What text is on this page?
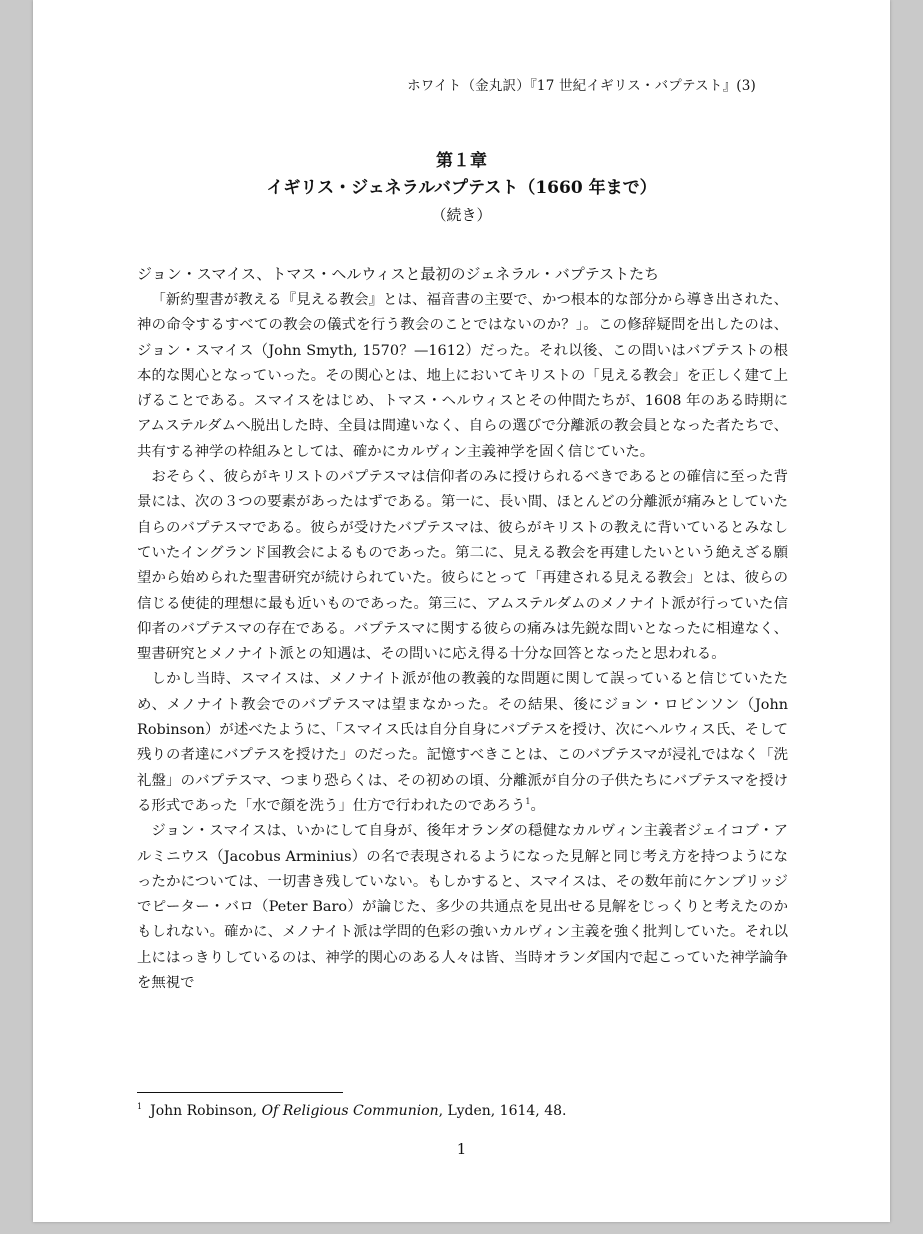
ホワイト（金丸訳）『17 世紀イギリス・バプテスト』(3)
第１章
イギリス・ジェネラルバプテスト（1660 年まで）
（続き）
ジョン・スマイス、トマス・ヘルウィスと最初のジェネラル・バプテストたち

「新約聖書が教える『見える教会』とは、福音書の主要で、かつ根本的な部分から導き出された、神の命令するすべての教会の儀式を行う教会のことではないのか？」。この修辞疑問を出したのは、ジョン・スマイス（John Smyth, 1570？—1612）だった。それ以後、この問いはバプテストの根本的な関心となっていった。その関心とは、地上においてキリストの「見える教会」を正しく建て上げることである。スマイスをはじめ、トマス・ヘルウィスとその仲間たちが、1608 年のある時期にアムステルダムへ脱出した時、全員は間違いなく、自らの選びで分離派の教会員となった者たちで、共有する神学の枠組みとしては、確かにカルヴィン主義神学を固く信じていた。

おそらく、彼らがキリストのバプテスマは信仰者のみに授けられるべきであるとの確信に至った背景には、次の３つの要素があったはずである。第一に、長い間、ほとんどの分離派が痛みとしていた自らのバプテスマである。彼らが受けたバプテスマは、彼らがキリストの教えに背いているとみなしていたイングランド国教会によるものであった。第二に、見える教会を再建したいという絶えざる願望から始められた聖書研究が続けられていた。彼らにとって「再建される見える教会」とは、彼らの信じる使徒的理想に最も近いものであった。第三に、アムステルダムのメノナイト派が行っていた信仰者のバプテスマの存在である。バプテスマに関する彼らの痛みは先鋭な問いとなったに相違なく、聖書研究とメノナイト派との知遇は、その問いに応え得る十分な回答となったと思われる。

しかし当時、スマイスは、メノナイト派が他の教義的な問題に関して誤っていると信じていたため、メノナイト教会でのバプテスマは望まなかった。その結果、後にジョン・ロビンソン（John Robinson）が述べたように、「スマイス氏は自分自身にバプテスを授け、次にヘルウィス氏、そして残りの者達にバプテスを授けた」のだった。記憶すべきことは、このバプテスマが浸礼ではなく「洗礼盤」のバプテスマ、つまり恐らくは、その初めの頃、分離派が自分の子供たちにバプテスマを授ける形式であった「水で顔を洗う」仕方で行われたのであろう$^1$。

ジョン・スマイスは、いかにして自身が、後年オランダの穏健なカルヴィン主義者ジェイコブ・アルミニウス（Jacobus Arminius）の名で表現されるようになった見解と同じ考え方を持つようになったかについては、一切書き残していない。もしかすると、スマイスは、その数年前にケンブリッジでピーター・バロ（Peter Baro）が論じた、多少の共通点を見出せる見解をじっくりと考えたのかもしれない。確かに、メノナイト派は学問的色彩の強いカルヴィン主義を強く批判していた。それ以上にはっきりしているのは、神学的関心のある人々は皆、当時オランダ国内で起こっていた神学論争を無視で

$^1$ John Robinson, Of Religious Communion, Lyden, 1614, 48.
1
